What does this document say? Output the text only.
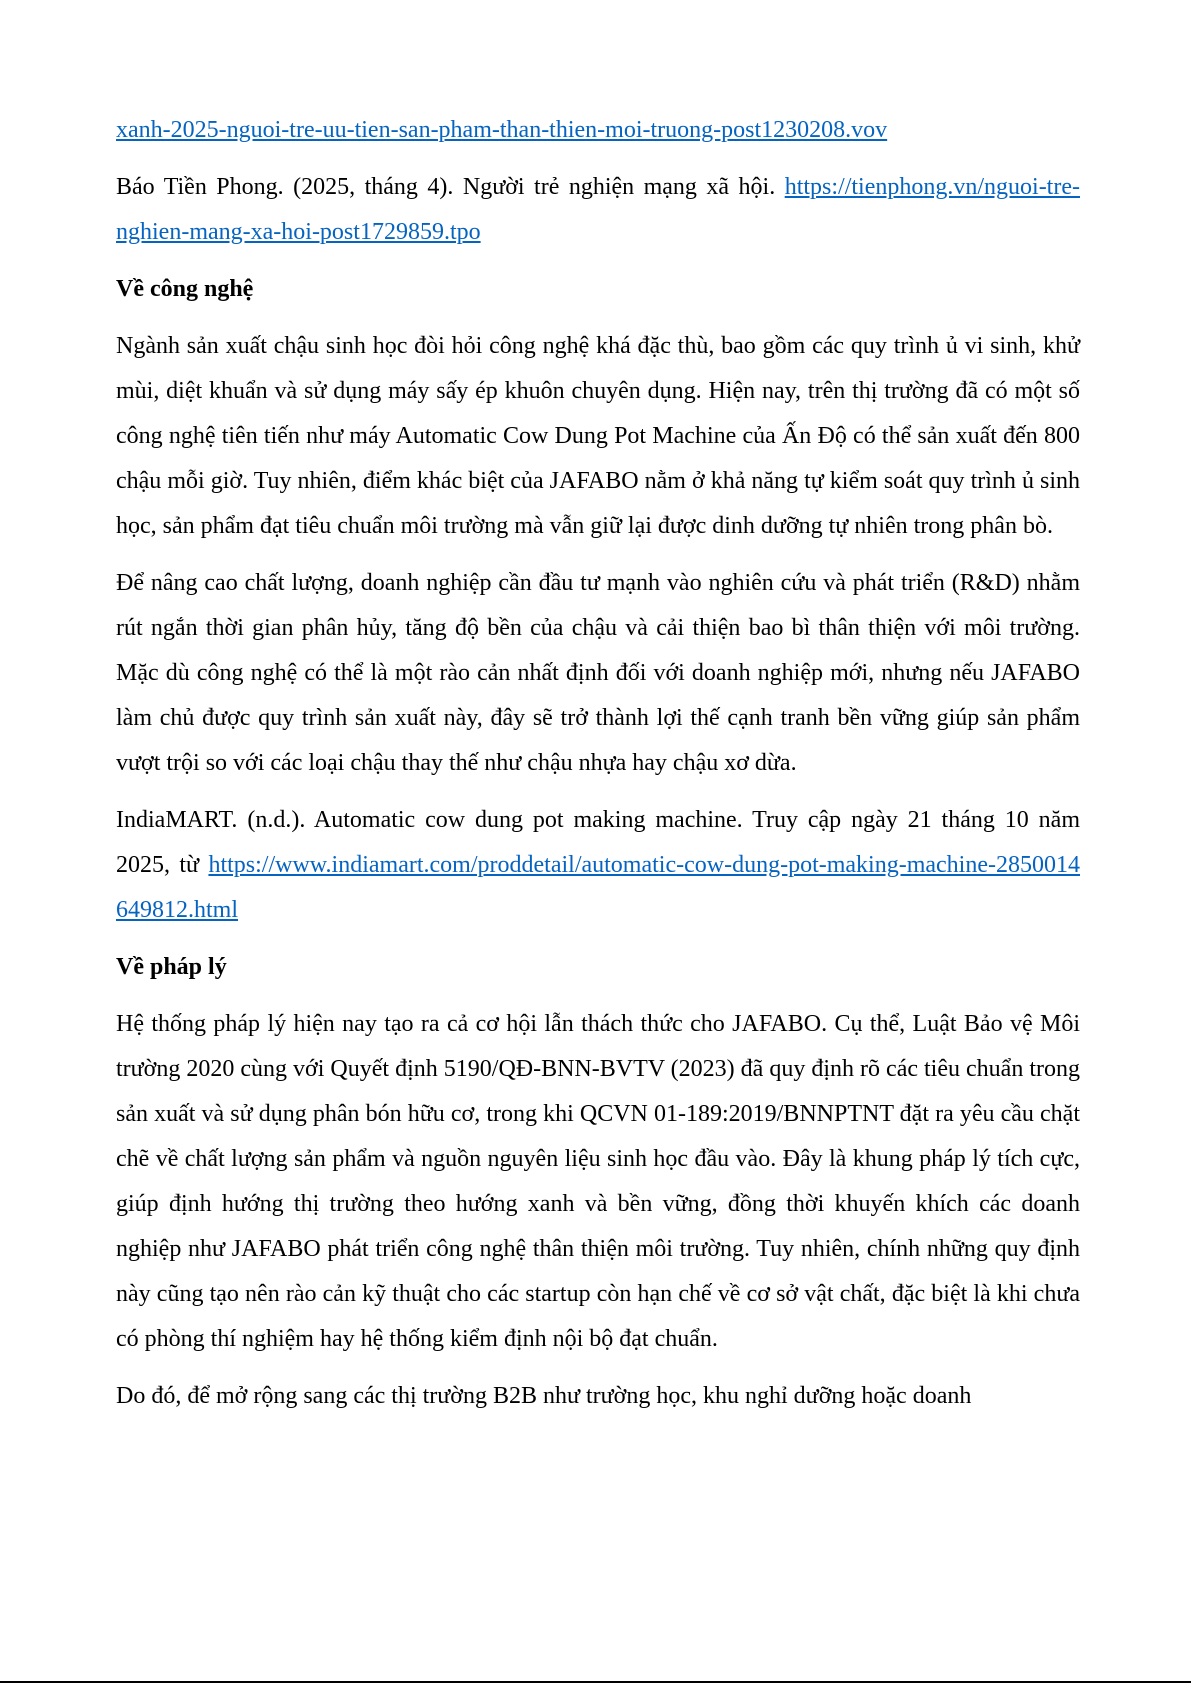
xanh-2025-nguoi-tre-uu-tien-san-pham-than-thien-moi-truong-post1230208.vov

Báo Tiền Phong. (2025, tháng 4). Người trẻ nghiện mạng xã hội. https://tienphong.vn/nguoi-tre-nghien-mang-xa-hoi-post1729859.tpo

Về công nghệ

Ngành sản xuất chậu sinh học đòi hỏi công nghệ khá đặc thù, bao gồm các quy trình ủ vi sinh, khử mùi, diệt khuẩn và sử dụng máy sấy ép khuôn chuyên dụng. Hiện nay, trên thị trường đã có một số công nghệ tiên tiến như máy Automatic Cow Dung Pot Machine của Ấn Độ có thể sản xuất đến 800 chậu mỗi giờ. Tuy nhiên, điểm khác biệt của JAFABO nằm ở khả năng tự kiểm soát quy trình ủ sinh học, sản phẩm đạt tiêu chuẩn môi trường mà vẫn giữ lại được dinh dưỡng tự nhiên trong phân bò.

Để nâng cao chất lượng, doanh nghiệp cần đầu tư mạnh vào nghiên cứu và phát triển (R&D) nhằm rút ngắn thời gian phân hủy, tăng độ bền của chậu và cải thiện bao bì thân thiện với môi trường. Mặc dù công nghệ có thể là một rào cản nhất định đối với doanh nghiệp mới, nhưng nếu JAFABO làm chủ được quy trình sản xuất này, đây sẽ trở thành lợi thế cạnh tranh bền vững giúp sản phẩm vượt trội so với các loại chậu thay thế như chậu nhựa hay chậu xơ dừa.

IndiaMART. (n.d.). Automatic cow dung pot making machine. Truy cập ngày 21 tháng 10 năm 2025, từ https://www.indiamart.com/proddetail/automatic-cow-dung-pot-making-machine-2850014649812.html

Về pháp lý

Hệ thống pháp lý hiện nay tạo ra cả cơ hội lẫn thách thức cho JAFABO. Cụ thể, Luật Bảo vệ Môi trường 2020 cùng với Quyết định 5190/QĐ-BNN-BVTV (2023) đã quy định rõ các tiêu chuẩn trong sản xuất và sử dụng phân bón hữu cơ, trong khi QCVN 01-189:2019/BNNPTNT đặt ra yêu cầu chặt chẽ về chất lượng sản phẩm và nguồn nguyên liệu sinh học đầu vào. Đây là khung pháp lý tích cực, giúp định hướng thị trường theo hướng xanh và bền vững, đồng thời khuyến khích các doanh nghiệp như JAFABO phát triển công nghệ thân thiện môi trường. Tuy nhiên, chính những quy định này cũng tạo nên rào cản kỹ thuật cho các startup còn hạn chế về cơ sở vật chất, đặc biệt là khi chưa có phòng thí nghiệm hay hệ thống kiểm định nội bộ đạt chuẩn.

Do đó, để mở rộng sang các thị trường B2B như trường học, khu nghỉ dưỡng hoặc doanh
